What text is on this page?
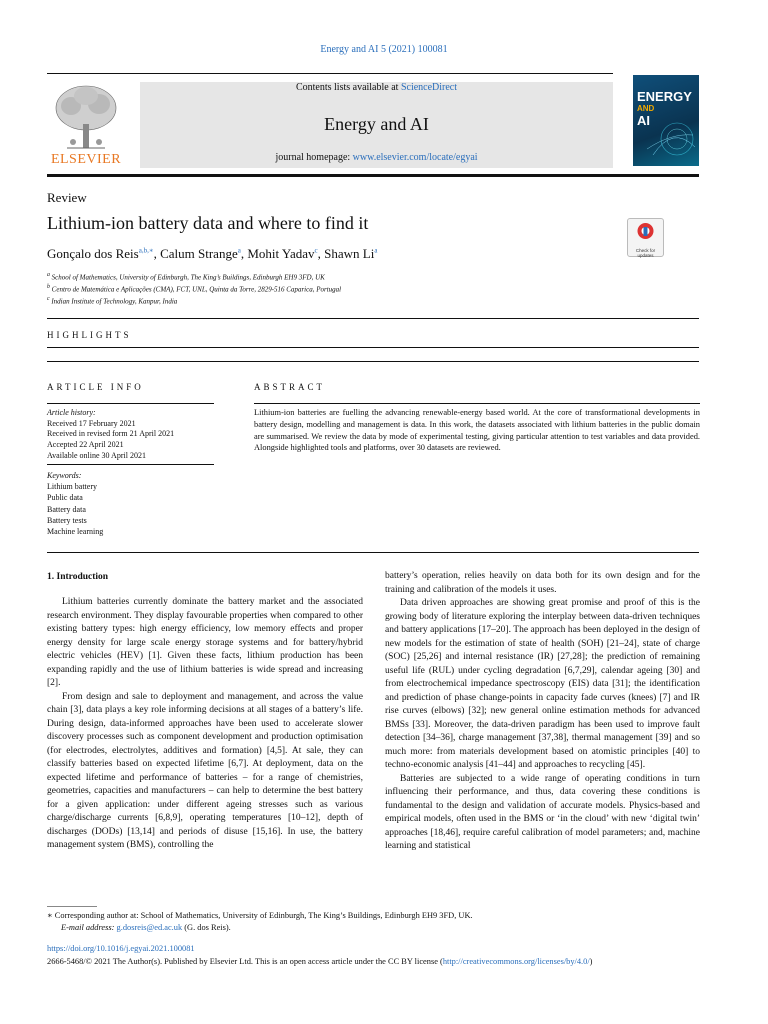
Energy and AI 5 (2021) 100081
Contents lists available at ScienceDirect
Energy and AI
journal homepage: www.elsevier.com/locate/egyai
ELSEVIER
ENERGY
AND
AI
Check for updates
Review
Lithium-ion battery data and where to find it
Gonçalo dos Reis$^{a,b,∗}$, Calum Strange$^a$, Mohit Yadav$^c$, Shawn Li$^a$
$^a$ School of Mathematics, University of Edinburgh, The King’s Buildings, Edinburgh EH9 3FD, UK
$^b$ Centro de Matemática e Aplicações (CMA), FCT, UNL, Quinta da Torre, 2829-516 Caparica, Portugal
$^c$ Indian Institute of Technology, Kanpur, India
HIGHLIGHTS
ARTICLE INFO
Article history:
Received 17 February 2021
Received in revised form 21 April 2021
Accepted 22 April 2021
Available online 30 April 2021
Keywords:
Lithium battery
Public data
Battery data
Battery tests
Machine learning
ABSTRACT
Lithium-ion batteries are fuelling the advancing renewable-energy based world. At the core of transformational developments in battery design, modelling and management is data. In this work, the datasets associated with lithium batteries in the public domain are summarised. We review the data by mode of experimental testing, giving particular attention to test variables and data provided. Alongside highlighted tools and platforms, over 30 datasets are reviewed.
1. Introduction

Lithium batteries currently dominate the battery market and the associated research environment. They display favourable properties when compared to other existing battery types: high energy efficiency, low memory effects and proper energy density for large scale energy storage systems and for battery/hybrid electric vehicles (HEV) [1]. Given these facts, lithium production has been expanding rapidly and the use of lithium batteries is wide spread and increasing [2].

From design and sale to deployment and management, and across the value chain [3], data plays a key role informing decisions at all stages of a battery’s life. During design, data-informed approaches have been used to accelerate slower discovery processes such as component development and production optimisation (for electrodes, electrolytes, additives and formation) [4,5]. At sale, they can classify batteries based on expected lifetime [6,7]. At deployment, data on the expected lifetime and performance of batteries – for a range of chemistries, geometries, capacities and manufacturers – can help to determine the best battery for a given application: under different ageing stresses such as various charge/discharge currents [6,8,9], operating temperatures [10–12], depth of discharges (DODs) [13,14] and periods of disuse [15,16]. In use, the battery management system (BMS), controlling the

battery’s operation, relies heavily on data both for its own design and for the training and calibration of the models it uses.

Data driven approaches are showing great promise and proof of this is the growing body of literature exploring the interplay between data-driven techniques and battery applications [17–20]. The approach has been deployed in the design of new models for the estimation of state of health (SOH) [21–24], state of charge (SOC) [25,26] and internal resistance (IR) [27,28]; the prediction of remaining useful life (RUL) under cycling degradation [6,7,29], calendar ageing [30] and from electrochemical impedance spectroscopy (EIS) data [31]; the identification and prediction of phase change-points in capacity fade curves (knees) [7] and IR rise curves (elbows) [32]; new general online estimation methods for advanced BMSs [33]. Moreover, the data-driven paradigm has been used to improve fault detection [34–36], charge management [37,38], thermal management [39] and so much more: from materials development based on atomistic principles [40] to techno-economic analysis [41–44] and approaches to recycling [45].

Batteries are subjected to a wide range of operating conditions in turn influencing their performance, and thus, data covering these conditions is fundamental to the design and validation of accurate models. Physics-based and empirical models, often used in the BMS or ‘in the cloud’ with new ‘digital twin’ approaches [18,46], require careful calibration of model parameters; and, machine learning and statistical

∗ Corresponding author at: School of Mathematics, University of Edinburgh, The King’s Buildings, Edinburgh EH9 3FD, UK.
E-mail address: g.dosreis@ed.ac.uk (G. dos Reis).
https://doi.org/10.1016/j.egyai.2021.100081
2666-5468/© 2021 The Author(s). Published by Elsevier Ltd. This is an open access article under the CC BY license (http://creativecommons.org/licenses/by/4.0/)
